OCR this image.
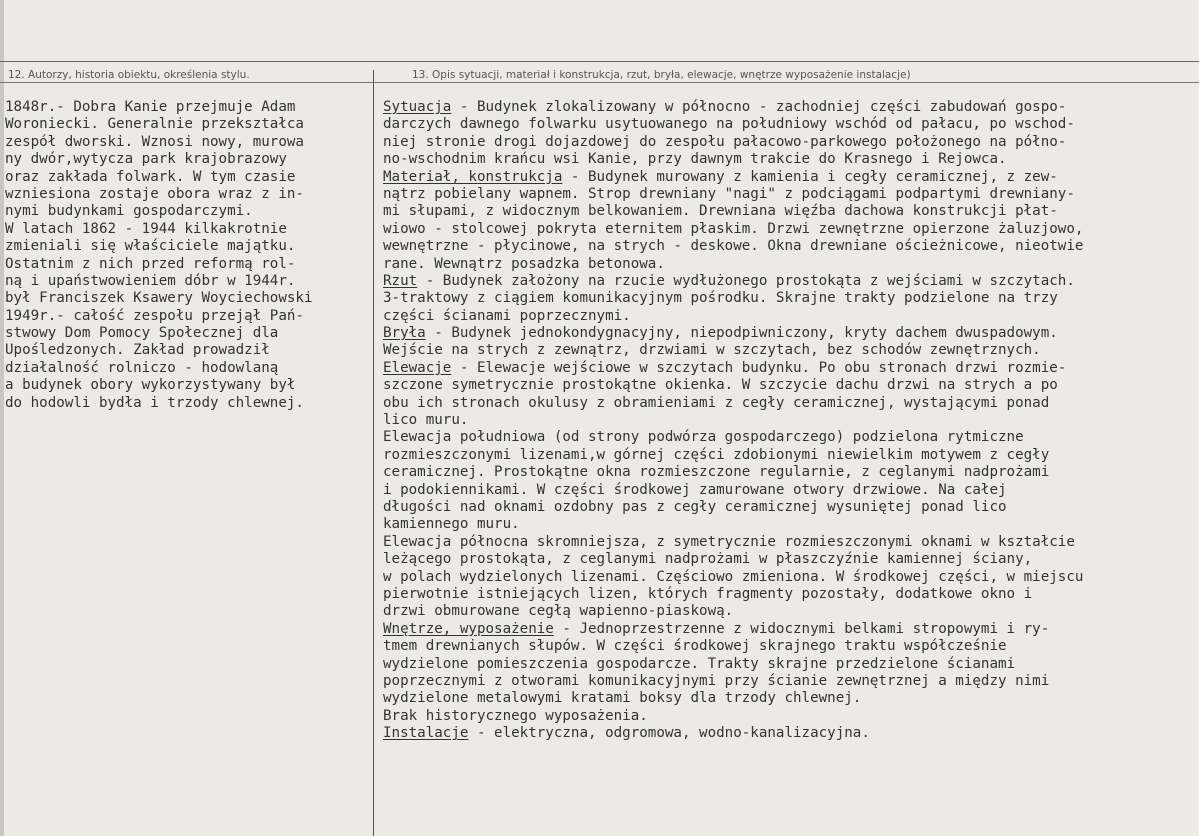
12. Autorzy, historia obiektu, określenia stylu.	13. Opis sytuacji, materiał i konstrukcja, rzut, bryła, elewacje, wnętrze wyposażenie instalacje)
1848r.- Dobra Kanie przejmuje Adam
Woroniecki. Generalnie przekształca
zespół dworski. Wznosi nowy, murowa
ny dwór,wytycza park krajobrazowy
oraz zakłada folwark. W tym czasie
wzniesiona zostaje obora wraz z in-
nymi budynkami gospodarczymi.
W latach 1862 - 1944 kilkakrotnie
zmieniali się właściciele majątku.
Ostatnim z nich przed reformą rol-
ną i upaństwowieniem dóbr w 1944r.
był Franciszek Ksawery Woyciechowski
1949r.- całość zespołu przejął Pań-
stwowy Dom Pomocy Społecznej dla
Upośledzonych. Zakład prowadził
działalność rolniczo - hodowlaną
a budynek obory wykorzystywany był
do hodowli bydła i trzody chlewnej.
Sytuacja - Budynek zlokalizowany w północno - zachodniej części zabudowań gospo-
darczych dawnego folwarku usytuowanego na południowy wschód od pałacu, po wschod-
niej stronie drogi dojazdowej do zespołu pałacowo-parkowego położonego na półno-
no-wschodnim krańcu wsi Kanie, przy dawnym trakcie do Krasnego i Rejowca.
Materiał, konstrukcja - Budynek murowany z kamienia i cegły ceramicznej, z zew-
nątrz pobielany wapnem. Strop drewniany "nagi" z podciągami podpartymi drewniany-
mi słupami, z widocznym belkowaniem. Drewniana więźba dachowa konstrukcji płat-
wiowo - stolcowej pokryta eternitem płaskim. Drzwi zewnętrzne opierzone żaluzjowo,
wewnętrzne - płycinowe, na strych - deskowe. Okna drewniane ościeżnicowe, nieotwie
rane. Wewnątrz posadzka betonowa.
Rzut - Budynek założony na rzucie wydłużonego prostokąta z wejściami w szczytach.
3-traktowy z ciągiem komunikacyjnym pośrodku. Skrajne trakty podzielone na trzy
części ścianami poprzecznymi.
Bryła - Budynek jednokondygnacyjny, niepodpiwniczony, kryty dachem dwuspadowym.
Wejście na strych z zewnątrz, drzwiami w szczytach, bez schodów zewnętrznych.
Elewacje - Elewacje wejściowe w szczytach budynku. Po obu stronach drzwi rozmie-
szczone symetrycznie prostokątne okienka. W szczycie dachu drzwi na strych a po
obu ich stronach okulusy z obramieniami z cegły ceramicznej, wystającymi ponad
lico muru.
Elewacja południowa (od strony podwórza gospodarczego) podzielona rytmiczne
rozmieszczonymi lizenami,w górnej części zdobionymi niewielkim motywem z cegły
ceramicznej. Prostokątne okna rozmieszczone regularnie, z ceglanymi nadprożami
i podokiennikami. W części środkowej zamurowane otwory drzwiowe. Na całej
długości nad oknami ozdobny pas z cegły ceramicznej wysuniętej ponad lico
kamiennego muru.
Elewacja północna skromniejsza, z symetrycznie rozmieszczonymi oknami w kształcie
leżącego prostokąta, z ceglanymi nadprożami w płaszczyźnie kamiennej ściany,
w polach wydzielonych lizenami. Częściowo zmieniona. W środkowej części, w miejscu
pierwotnie istniejących lizen, których fragmenty pozostały, dodatkowe okno i
drzwi obmurowane cegłą wapienno-piaskową.
Wnętrze, wyposażenie - Jednoprzestrzenne z widocznymi belkami stropowymi i ry-
tmem drewnianych słupów. W części środkowej skrajnego traktu współcześnie
wydzielone pomieszczenia gospodarcze. Trakty skrajne przedzielone ścianami
poprzecznymi z otworami komunikacyjnymi przy ścianie zewnętrznej a między nimi
wydzielone metalowymi kratami boksy dla trzody chlewnej.
Brak historycznego wyposażenia.
Instalacje - elektryczna, odgromowa, wodno-kanalizacyjna.
